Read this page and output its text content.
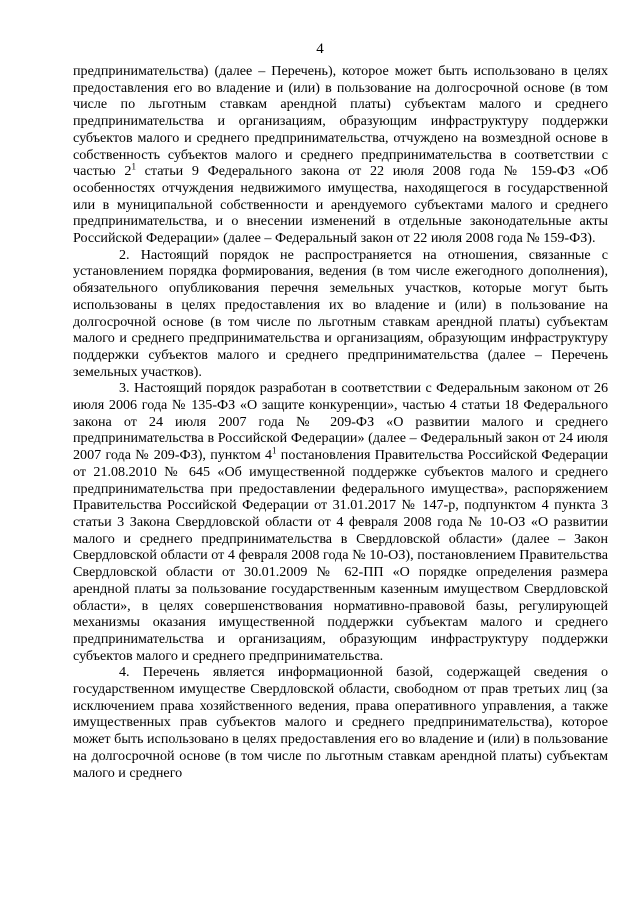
4

предпринимательства) (далее – Перечень), которое может быть использовано в целях предоставления его во владение и (или) в пользование на долгосрочной основе (в том числе по льготным ставкам арендной платы) субъектам малого и среднего предпринимательства и организациям, образующим инфраструктуру поддержки субъектов малого и среднего предпринимательства, отчуждено на возмездной основе в собственность субъектов малого и среднего предпринимательства в соответствии с частью $2^1$ статьи 9 Федерального закона от 22 июля 2008 года № 159-ФЗ «Об особенностях отчуждения недвижимого имущества, находящегося в государственной или в муниципальной собственности и арендуемого субъектами малого и среднего предпринимательства, и о внесении изменений в отдельные законодательные акты Российской Федерации» (далее – Федеральный закон от 22 июля 2008 года № 159-ФЗ).

2. Настоящий порядок не распространяется на отношения, связанные с установлением порядка формирования, ведения (в том числе ежегодного дополнения), обязательного опубликования перечня земельных участков, которые могут быть использованы в целях предоставления их во владение и (или) в пользование на долгосрочной основе (в том числе по льготным ставкам арендной платы) субъектам малого и среднего предпринимательства и организациям, образующим инфраструктуру поддержки субъектов малого и среднего предпринимательства (далее – Перечень земельных участков).

3. Настоящий порядок разработан в соответствии с Федеральным законом от 26 июля 2006 года № 135-ФЗ «О защите конкуренции», частью 4 статьи 18 Федерального закона от 24 июля 2007 года № 209-ФЗ «О развитии малого и среднего предпринимательства в Российской Федерации» (далее – Федеральный закон от 24 июля 2007 года № 209-ФЗ), пунктом $4^1$ постановления Правительства Российской Федерации от 21.08.2010 № 645 «Об имущественной поддержке субъектов малого и среднего предпринимательства при предоставлении федерального имущества», распоряжением Правительства Российской Федерации от 31.01.2017 № 147-р, подпунктом 4 пункта 3 статьи 3 Закона Свердловской области от 4 февраля 2008 года № 10-ОЗ «О развитии малого и среднего предпринимательства в Свердловской области» (далее – Закон Свердловской области от 4 февраля 2008 года № 10-ОЗ), постановлением Правительства Свердловской области от 30.01.2009 № 62-ПП «О порядке определения размера арендной платы за пользование государственным казенным имуществом Свердловской области», в целях совершенствования нормативно-правовой базы, регулирующей механизмы оказания имущественной поддержки субъектам малого и среднего предпринимательства и организациям, образующим инфраструктуру поддержки субъектов малого и среднего предпринимательства.

4. Перечень является информационной базой, содержащей сведения о государственном имуществе Свердловской области, свободном от прав третьих лиц (за исключением права хозяйственного ведения, права оперативного управления, а также имущественных прав субъектов малого и среднего предпринимательства), которое может быть использовано в целях предоставления его во владение и (или) в пользование на долгосрочной основе (в том числе по льготным ставкам арендной платы) субъектам малого и среднего
